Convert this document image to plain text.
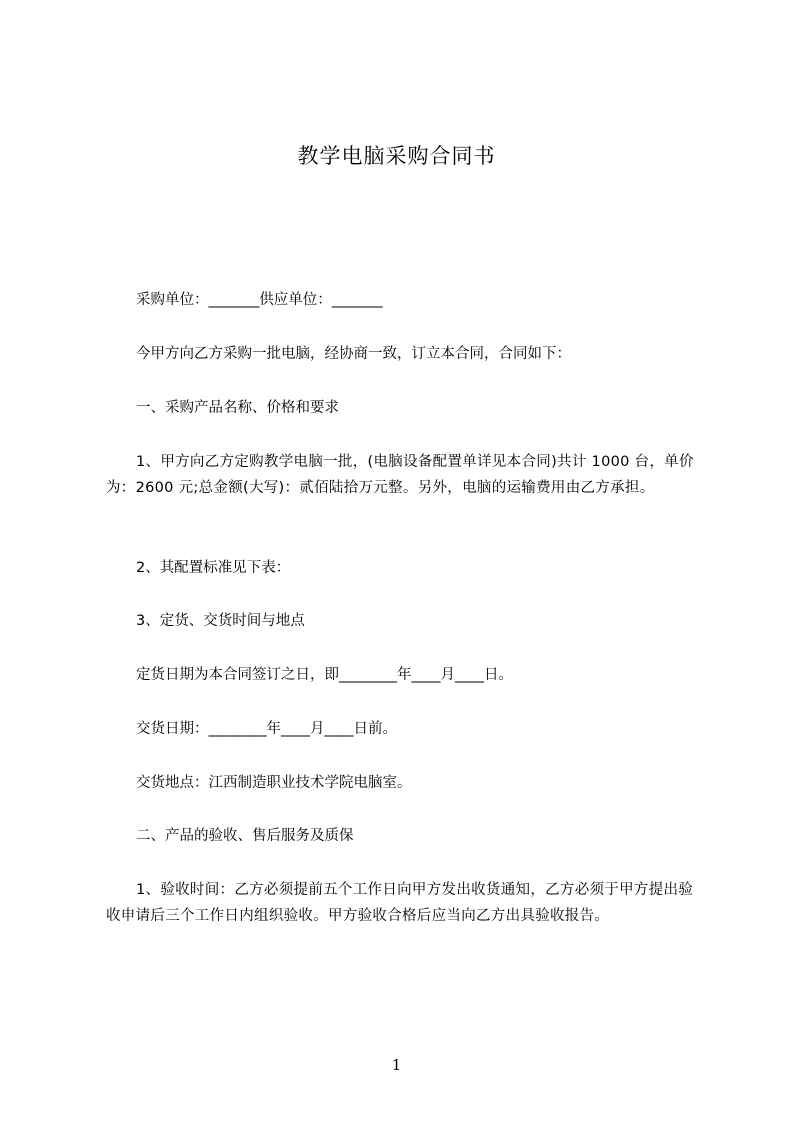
教学电脑采购合同书
采购单位：_______供应单位：_______
今甲方向乙方采购一批电脑，经协商一致，订立本合同，合同如下：
一、采购产品名称、价格和要求
1、甲方向乙方定购教学电脑一批，(电脑设备配置单详见本合同)共计 1000 台，单价为：2600 元;总金额(大写)：贰佰陆拾万元整。另外，电脑的运输费用由乙方承担。
2、其配置标准见下表：
3、定货、交货时间与地点
定货日期为本合同签订之日，即________年____月____日。
交货日期：________年____月____日前。
交货地点：江西制造职业技术学院电脑室。
二、产品的验收、售后服务及质保
1、验收时间：乙方必须提前五个工作日向甲方发出收货通知，乙方必须于甲方提出验收申请后三个工作日内组织验收。甲方验收合格后应当向乙方出具验收报告。
1
